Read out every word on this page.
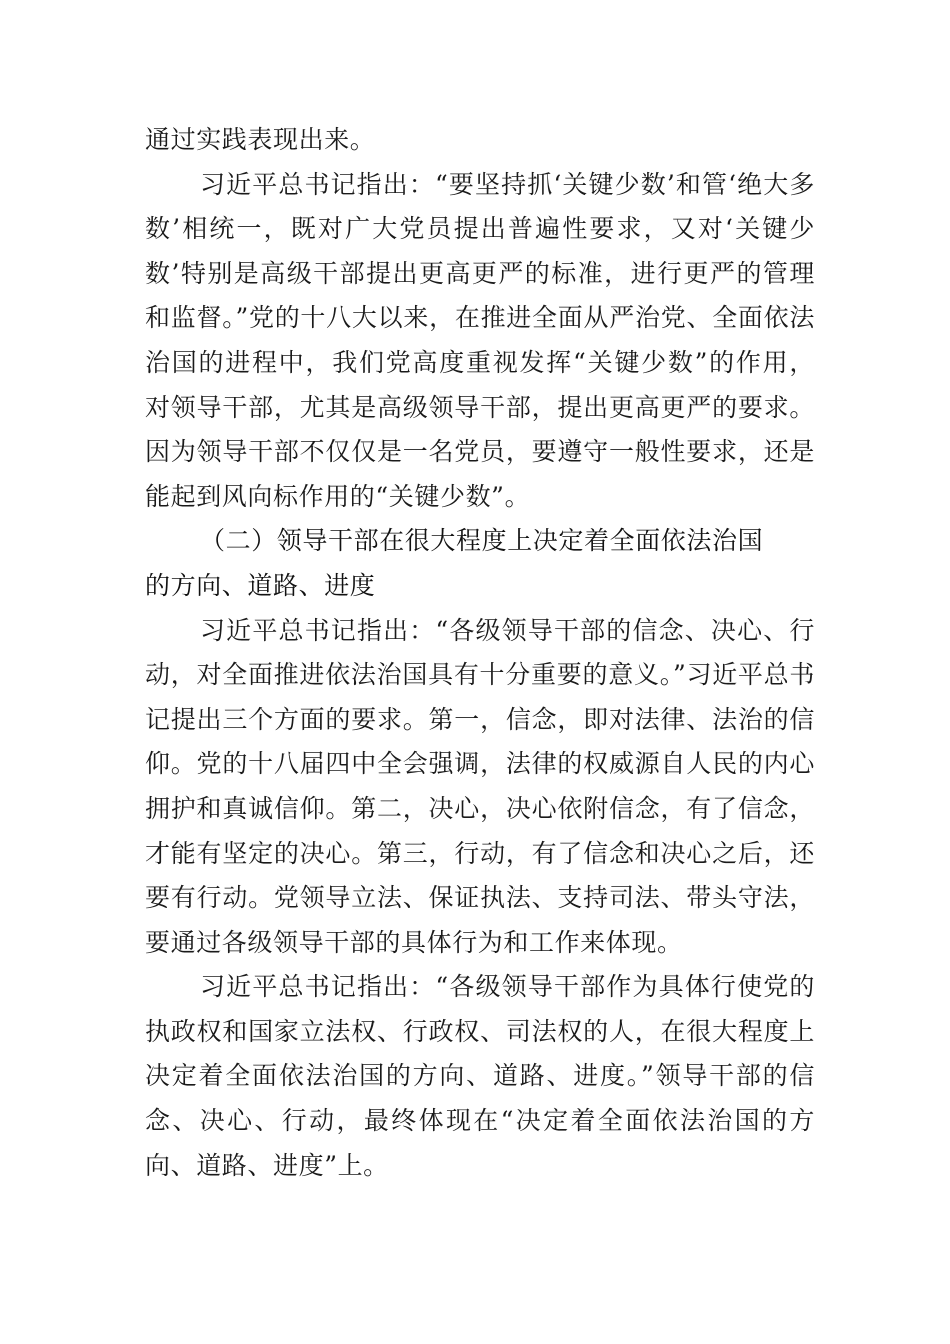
通过实践表现出来。

习近平总书记指出：“要坚持抓‘关键少数’和管‘绝大多数’相统一，既对广大党员提出普遍性要求，又对‘关键少数’特别是高级干部提出更高更严的标准，进行更严的管理和监督。”党的十八大以来，在推进全面从严治党、全面依法治国的进程中，我们党高度重视发挥“关键少数”的作用， 对领导干部，尤其是高级领导干部，提出更高更严的要求。 因为领导干部不仅仅是一名党员，要遵守一般性要求，还是能起到风向标作用的“关键少数”。

（二）领导干部在很大程度上决定着全面依法治国
的方向、道路、进度

习近平总书记指出：“各级领导干部的信念、决心、行动，对全面推进依法治国具有十分重要的意义。”习近平总书记提出三个方面的要求。第一，信念，即对法律、法治的信仰。党的十八届四中全会强调，法律的权威源自人民的内心拥护和真诚信仰。第二，决心，决心依附信念，有了信念，才能有坚定的决心。第三，行动，有了信念和决心之后，还要有行动。党领导立法、保证执法、支持司法、带头守法，要通过各级领导干部的具体行为和工作来体现。

习近平总书记指出：“各级领导干部作为具体行使党的执政权和国家立法权、行政权、司法权的人，在很大程度上决定着全面依法治国的方向、道路、进度。”领导干部的信念、决心、行动，最终体现在“决定着全面依法治国的方向、道路、进度”上。
